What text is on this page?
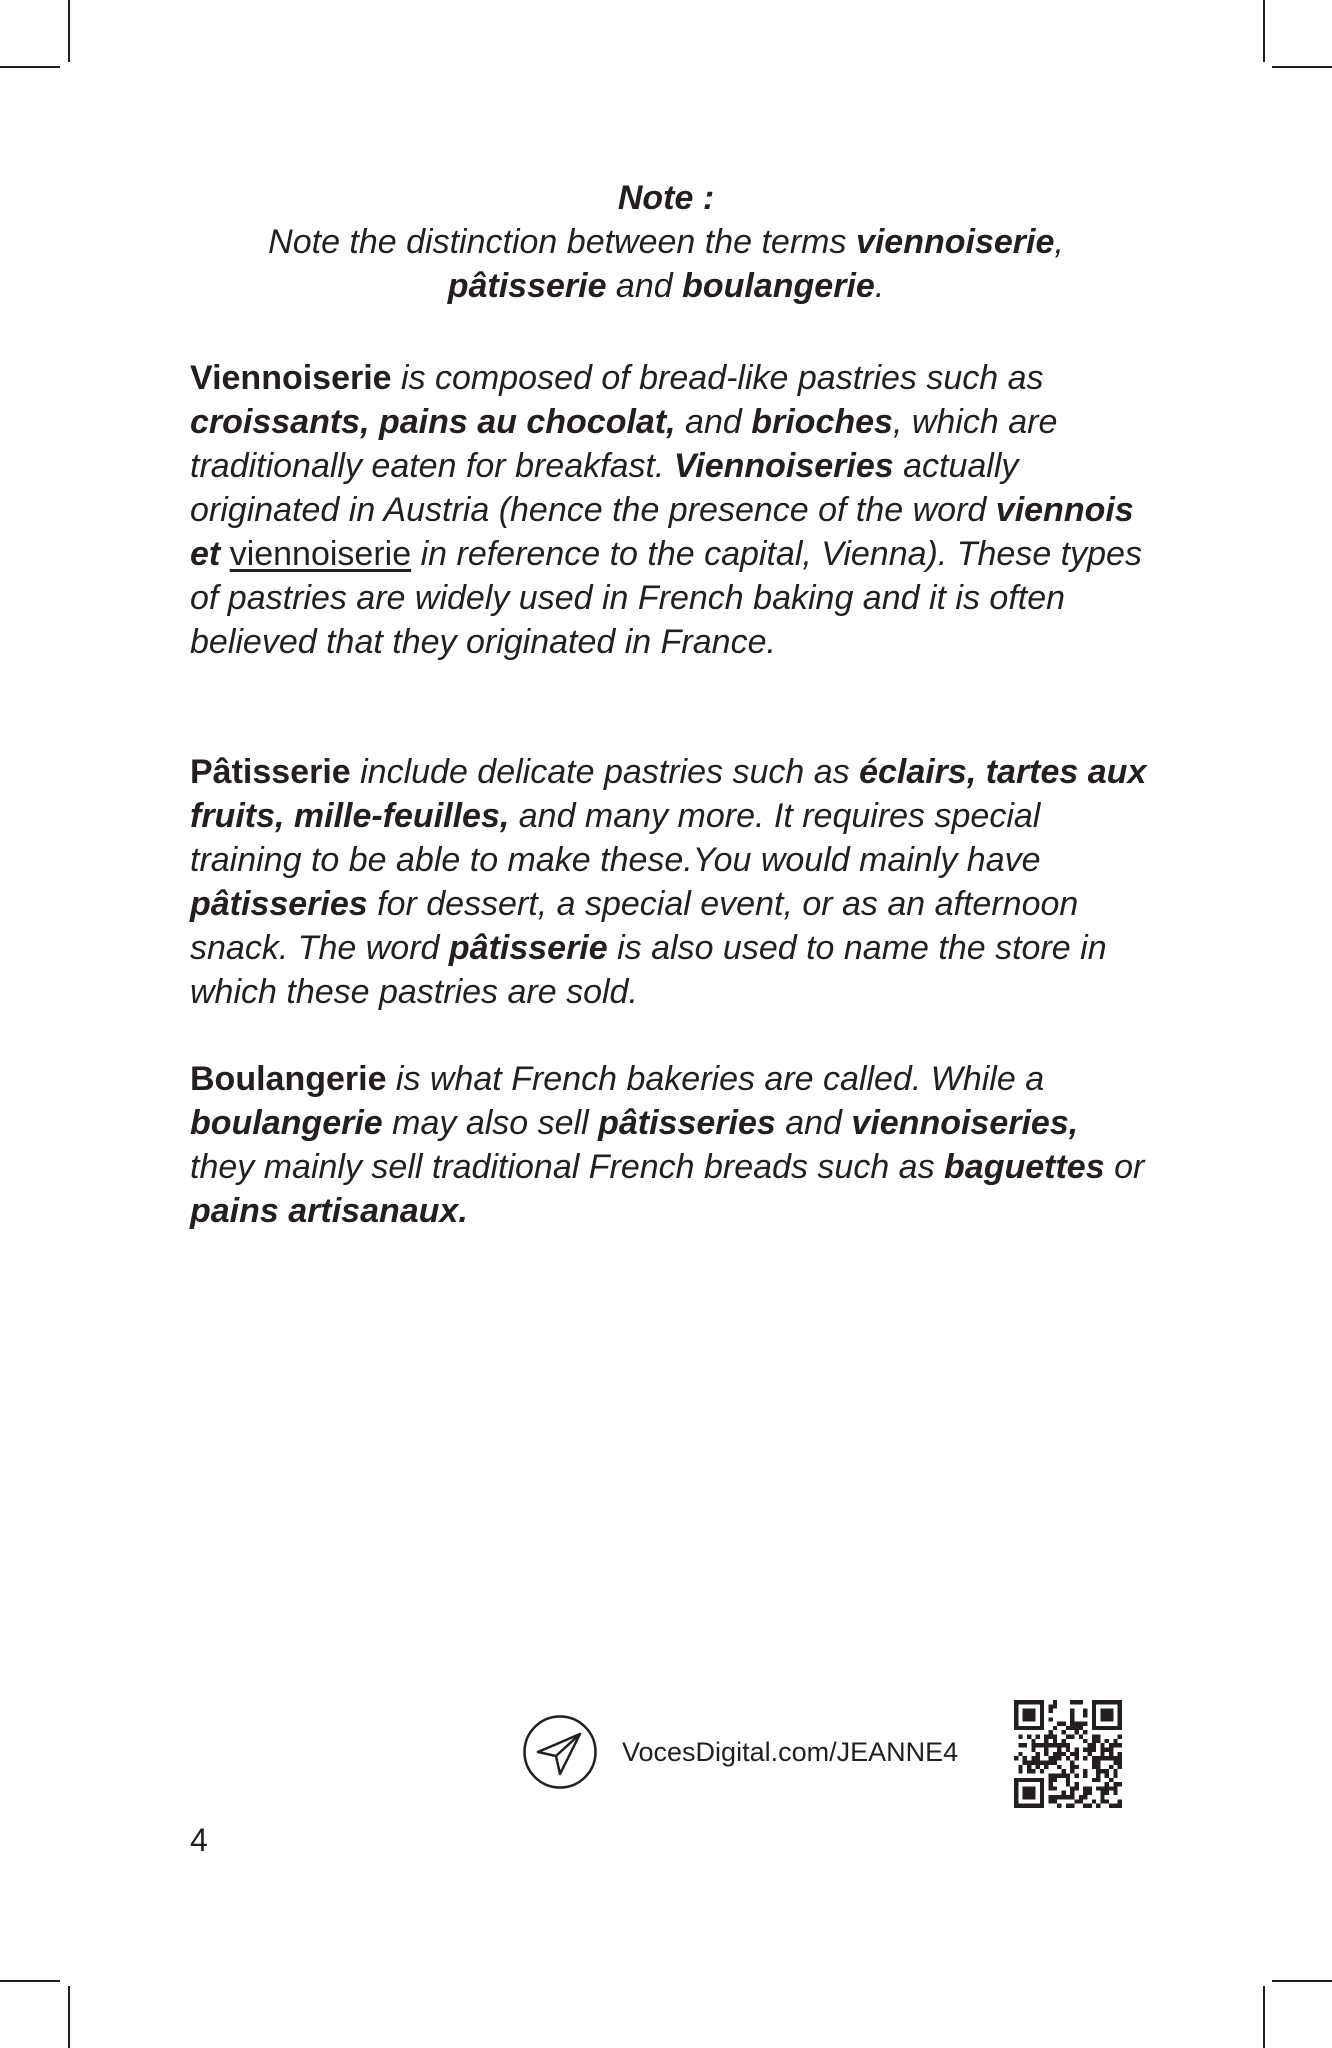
Note :
Note the distinction between the terms viennoiserie,
pâtisserie and boulangerie.

Viennoiserie is composed of bread-like pastries such as croissants, pains au chocolat, and brioches, which are traditionally eaten for breakfast. Viennoiseries actually originated in Austria (hence the presence of the word viennois et viennoiserie in reference to the capital, Vienna). These types of pastries are widely used in French baking and it is often believed that they originated in France.

Pâtisserie include delicate pastries such as éclairs, tartes aux fruits, mille-feuilles, and many more. It requires special training to be able to make these.You would mainly have pâtisseries for dessert, a special event, or as an afternoon snack. The word pâtisserie is also used to name the store in which these pastries are sold.

Boulangerie is what French bakeries are called. While a boulangerie may also sell pâtisseries and viennoiseries, they mainly sell traditional French breads such as baguettes or pains artisanaux.

VocesDigital.com/JEANNE4
4
